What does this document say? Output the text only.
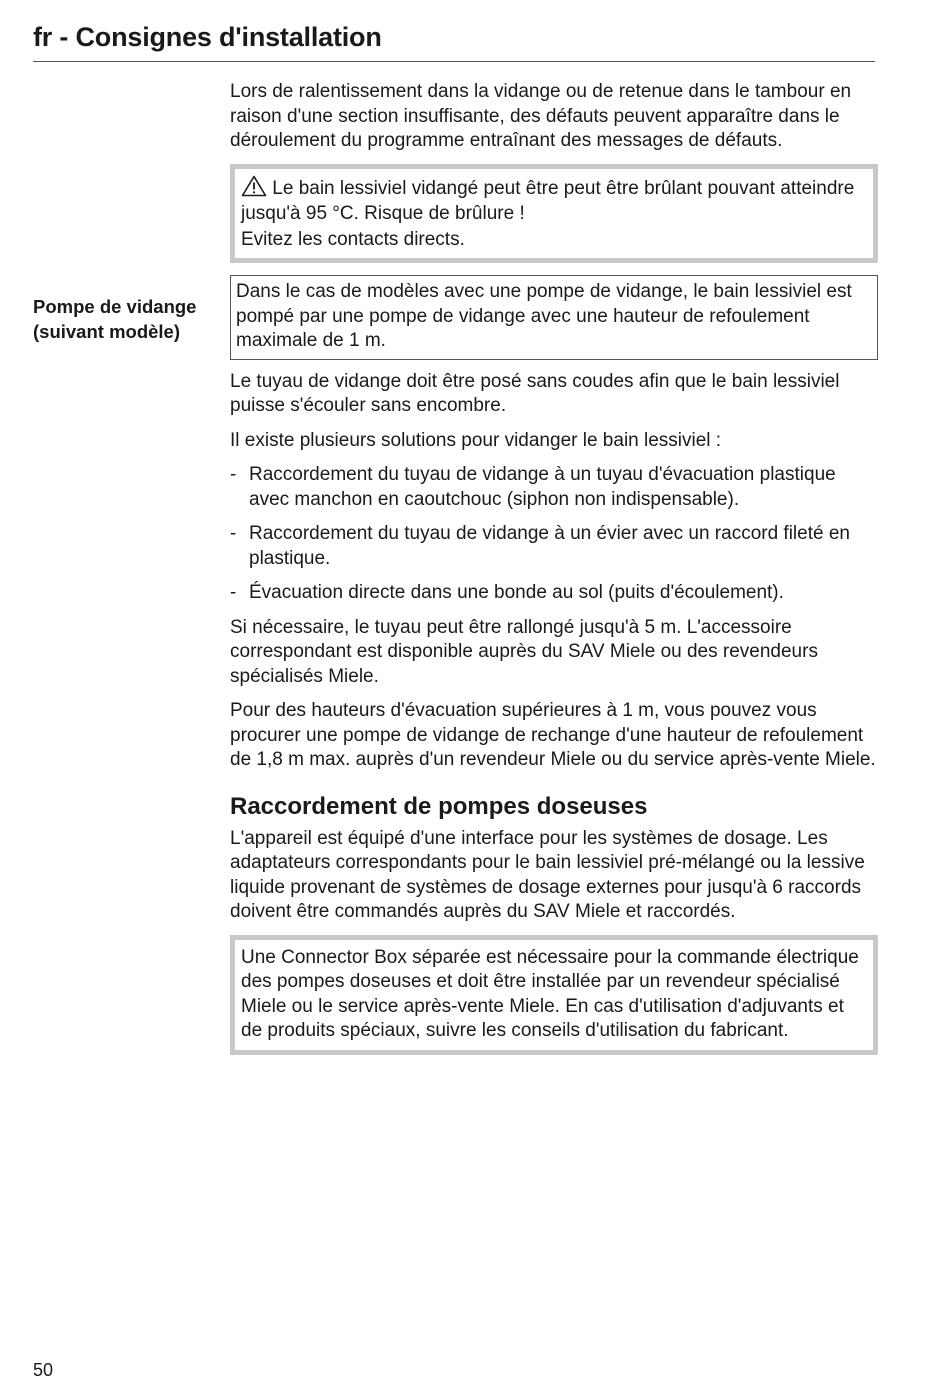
fr - Consignes d'installation
Pompe de vidange (suivant modèle)

Lors de ralentissement dans la vidange ou de retenue dans le tambour en raison d'une section insuffisante, des défauts peuvent apparaître dans le déroulement du programme entraînant des messages de défauts.

Le bain lessiviel vidangé peut être peut être brûlant pouvant atteindre jusqu'à 95 °C. Risque de brûlure !
Evitez les contacts directs.
Dans le cas de modèles avec une pompe de vidange, le bain lessiviel est pompé par une pompe de vidange avec une hauteur de refoulement maximale de 1 m.

Le tuyau de vidange doit être posé sans coudes afin que le bain lessiviel puisse s'écouler sans encombre.

Il existe plusieurs solutions pour vidanger le bain lessiviel :

- Raccordement du tuyau de vidange à un tuyau d'évacuation plastique avec manchon en caoutchouc (siphon non indispensable).
- Raccordement du tuyau de vidange à un évier avec un raccord fileté en plastique.
- Évacuation directe dans une bonde au sol (puits d'écoulement).

Si nécessaire, le tuyau peut être rallongé jusqu'à 5 m. L'accessoire correspondant est disponible auprès du SAV Miele ou des revendeurs spécialisés Miele.

Pour des hauteurs d'évacuation supérieures à 1 m, vous pouvez vous procurer une pompe de vidange de rechange d'une hauteur de refoulement de 1,8 m max. auprès d'un revendeur Miele ou du service après-vente Miele.

Raccordement de pompes doseuses

L'appareil est équipé d'une interface pour les systèmes de dosage. Les adaptateurs correspondants pour le bain lessiviel pré-mélangé ou la lessive liquide provenant de systèmes de dosage externes pour jusqu'à 6 raccords doivent être commandés auprès du SAV Miele et raccordés.

Une Connector Box séparée est nécessaire pour la commande électrique des pompes doseuses et doit être installée par un revendeur spécialisé Miele ou le service après-vente Miele. En cas d'utilisation d'adjuvants et de produits spéciaux, suivre les conseils d'utilisation du fabricant.
50
